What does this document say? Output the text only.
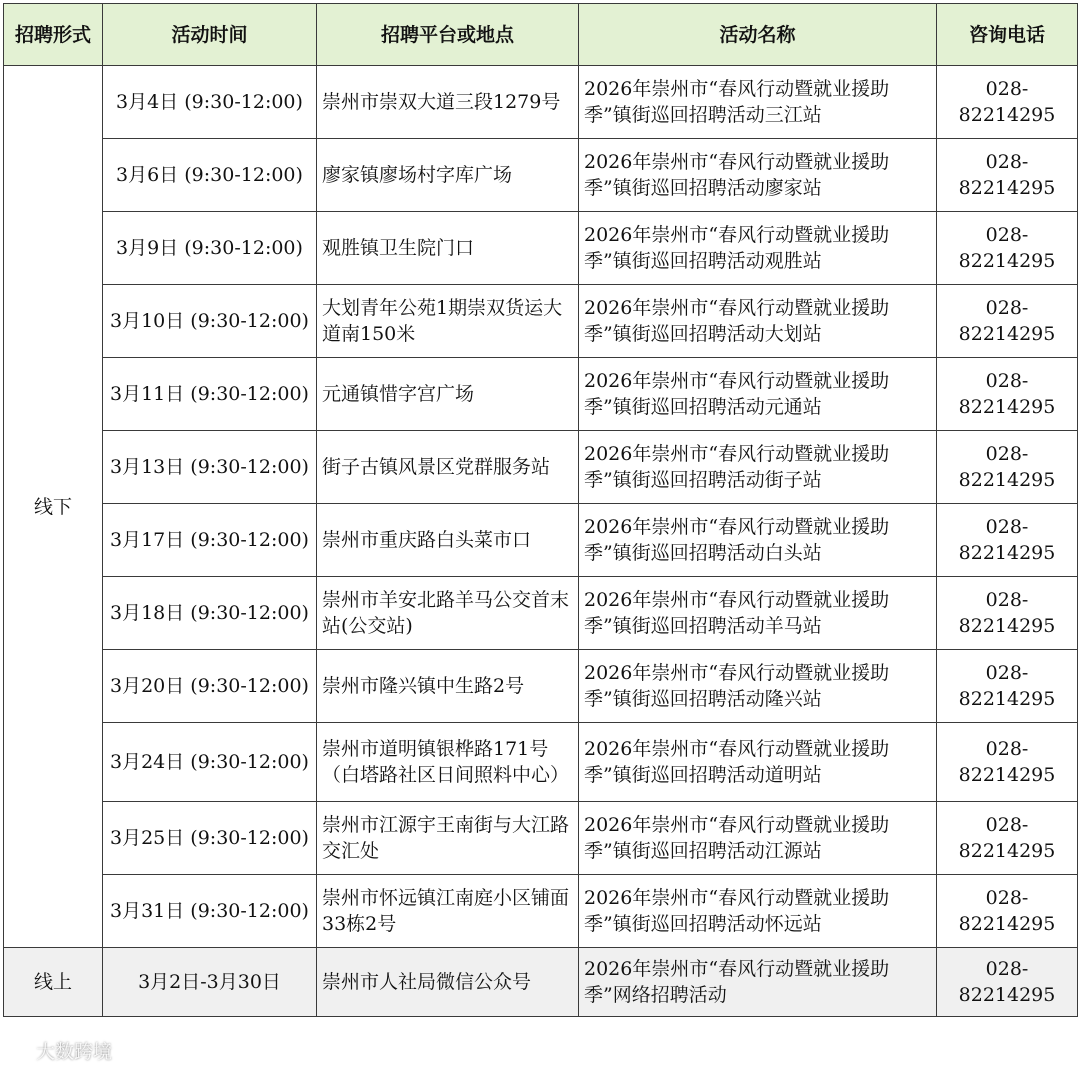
招聘形式	活动时间	招聘平台或地点	活动名称	咨询电话
线下	3月4日 (9:30-12:00)	崇州市崇双大道三段1279号	2026年崇州市“春风行动暨就业援助季”镇街巡回招聘活动三江站	028-82214295
	3月6日 (9:30-12:00)	廖家镇廖场村字库广场	2026年崇州市“春风行动暨就业援助季”镇街巡回招聘活动廖家站	028-82214295
	3月9日 (9:30-12:00)	观胜镇卫生院门口	2026年崇州市“春风行动暨就业援助季”镇街巡回招聘活动观胜站	028-82214295
	3月10日 (9:30-12:00)	大划青年公苑1期崇双货运大道南150米	2026年崇州市“春风行动暨就业援助季”镇街巡回招聘活动大划站	028-82214295
	3月11日 (9:30-12:00)	元通镇惜字宫广场	2026年崇州市“春风行动暨就业援助季”镇街巡回招聘活动元通站	028-82214295
	3月13日 (9:30-12:00)	街子古镇风景区党群服务站	2026年崇州市“春风行动暨就业援助季”镇街巡回招聘活动街子站	028-82214295
	3月17日 (9:30-12:00)	崇州市重庆路白头菜市口	2026年崇州市“春风行动暨就业援助季”镇街巡回招聘活动白头站	028-82214295
	3月18日 (9:30-12:00)	崇州市羊安北路羊马公交首末站(公交站)	2026年崇州市“春风行动暨就业援助季”镇街巡回招聘活动羊马站	028-82214295
	3月20日 (9:30-12:00)	崇州市隆兴镇中生路2号	2026年崇州市“春风行动暨就业援助季”镇街巡回招聘活动隆兴站	028-82214295
	3月24日 (9:30-12:00)	崇州市道明镇银桦路171号（白塔路社区日间照料中心）	2026年崇州市“春风行动暨就业援助季”镇街巡回招聘活动道明站	028-82214295
	3月25日 (9:30-12:00)	崇州市江源宇王南街与大江路交汇处	2026年崇州市“春风行动暨就业援助季”镇街巡回招聘活动江源站	028-82214295
	3月31日 (9:30-12:00)	崇州市怀远镇江南庭小区铺面33栋2号	2026年崇州市“春风行动暨就业援助季”镇街巡回招聘活动怀远站	028-82214295
线上	3月2日-3月30日	崇州市人社局微信公众号	2026年崇州市“春风行动暨就业援助季”网络招聘活动	028-82214295
大数跨境
